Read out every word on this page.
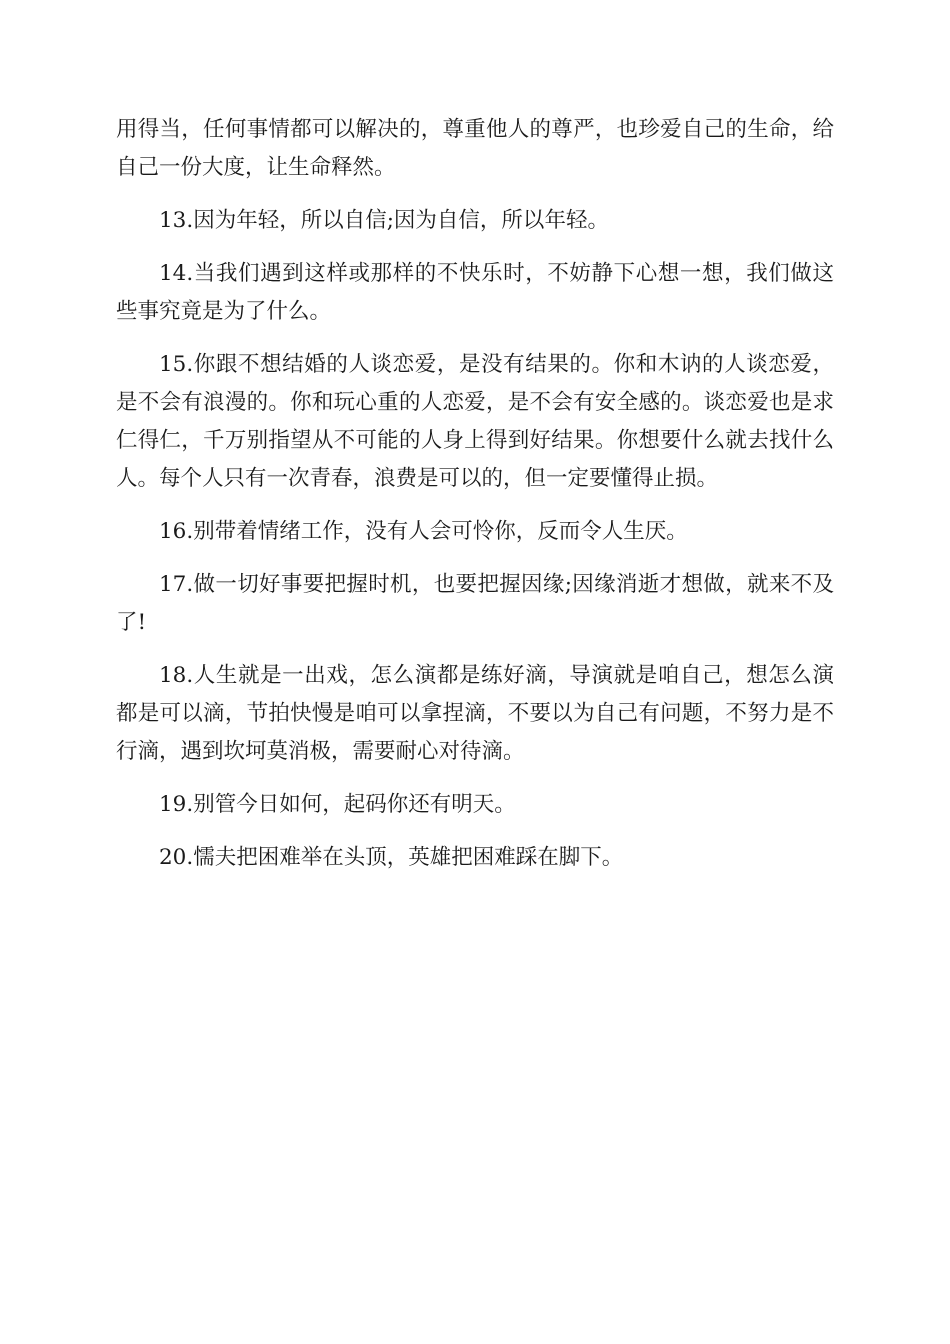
用得当，任何事情都可以解决的，尊重他人的尊严，也珍爱自己的生命，给自己一份大度，让生命释然。

13.因为年轻，所以自信;因为自信，所以年轻。

14.当我们遇到这样或那样的不快乐时，不妨静下心想一想，我们做这些事究竟是为了什么。

15.你跟不想结婚的人谈恋爱，是没有结果的。你和木讷的人谈恋爱，是不会有浪漫的。你和玩心重的人恋爱，是不会有安全感的。谈恋爱也是求仁得仁，千万别指望从不可能的人身上得到好结果。你想要什么就去找什么人。每个人只有一次青春，浪费是可以的，但一定要懂得止损。

16.别带着情绪工作，没有人会可怜你，反而令人生厌。

17.做一切好事要把握时机，也要把握因缘;因缘消逝才想做，就来不及了!

18.人生就是一出戏，怎么演都是练好滴，导演就是咱自己，想怎么演都是可以滴，节拍快慢是咱可以拿捏滴，不要以为自己有问题，不努力是不行滴，遇到坎坷莫消极，需要耐心对待滴。

19.别管今日如何，起码你还有明天。

20.懦夫把困难举在头顶，英雄把困难踩在脚下。
